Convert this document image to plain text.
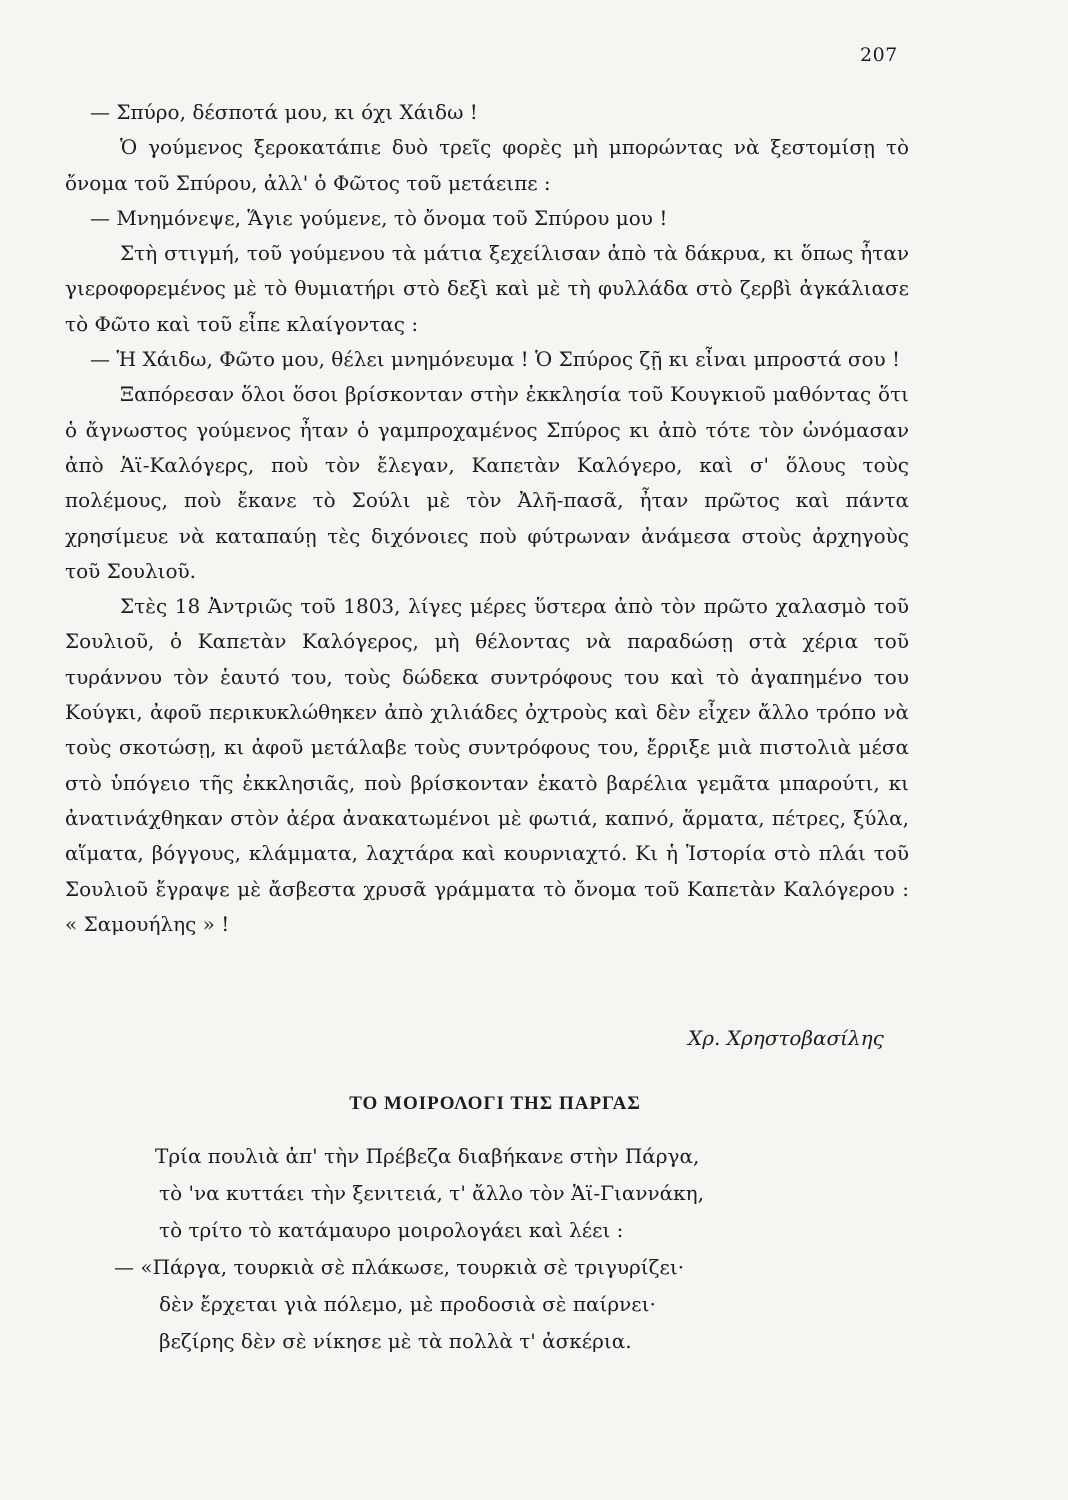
207

— Σπύρο, δέσποτά μου, κι όχι Χάιδω !

Ὁ γούμενος ξεροκατάπιε δυὸ τρεῖς φορὲς μὴ μπορώντας νὰ ξεστομίσῃ τὸ ὄνομα τοῦ Σπύρου, ἀλλ' ὁ Φῶτος τοῦ μετάειπε :

— Μνημόνεψε, Ἅγιε γούμενε, τὸ ὄνομα τοῦ Σπύρου μου !

Στὴ στιγμή, τοῦ γούμενου τὰ μάτια ξεχείλισαν ἀπὸ τὰ δάκρυα, κι ὅπως ἦταν γιεροφορεμένος μὲ τὸ θυμιατήρι στὸ δεξὶ καὶ μὲ τὴ φυλλάδα στὸ ζερβὶ ἀγκάλιασε τὸ Φῶτο καὶ τοῦ εἶπε κλαίγοντας :

— Ἡ Χάιδω, Φῶτο μου, θέλει μνημόνευμα ! Ὁ Σπύρος ζῇ κι εἶναι μπροστά σου !

Ξαπόρεσαν ὅλοι ὅσοι βρίσκονταν στὴν ἐκκλησία τοῦ Κουγκιοῦ μαθόντας ὅτι ὁ ἄγνωστος γούμενος ἦταν ὁ γαμπροχαμένος Σπύρος κι ἀπὸ τότε τὸν ὠνόμασαν ἀπὸ Ἁϊ-Καλόγερς, ποὺ τὸν ἔλεγαν, Καπετὰν Καλόγερο, καὶ σ' ὅλους τοὺς πολέμους, ποὺ ἔκανε τὸ Σούλι μὲ τὸν Ἀλῆ-πασᾶ, ἦταν πρῶτος καὶ πάντα χρησίμευε νὰ καταπαύῃ τὲς διχόνοιες ποὺ φύτρωναν ἀνάμεσα στοὺς ἀρχηγοὺς τοῦ Σουλιοῦ.

Στὲς 18 Ἀντριῶς τοῦ 1803, λίγες μέρες ὕστερα ἀπὸ τὸν πρῶτο χαλασμὸ τοῦ Σουλιοῦ, ὁ Καπετὰν Καλόγερος, μὴ θέλοντας νὰ παραδώσῃ στὰ χέρια τοῦ τυράννου τὸν ἑαυτό του, τοὺς δώδεκα συντρόφους του καὶ τὸ ἀγαπημένο του Κούγκι, ἀφοῦ περικυκλώθηκεν ἀπὸ χιλιάδες ὀχτροὺς καὶ δὲν εἶχεν ἄλλο τρόπο νὰ τοὺς σκοτώσῃ, κι ἀφοῦ μετάλαβε τοὺς συντρόφους του, ἔρριξε μιὰ πιστολιὰ μέσα στὸ ὑπόγειο τῆς ἐκκλησιᾶς, ποὺ βρίσκονταν ἑκατὸ βαρέλια γεμᾶτα μπαρούτι, κι ἀνατινάχθηκαν στὸν ἀέρα ἀνακατωμένοι μὲ φωτιά, καπνό, ἅρματα, πέτρες, ξύλα, αἵματα, βόγγους, κλάμματα, λαχτάρα καὶ κουρνιαχτό. Κι ἡ Ἱστορία στὸ πλάι τοῦ Σουλιοῦ ἔγραψε μὲ ἄσβεστα χρυσᾶ γράμματα τὸ ὄνομα τοῦ Καπετὰν Καλόγερου : « Σαμουήλης » !

Χρ. Χρηστοβασίλης
ΤΟ ΜΟΙΡΟΛΟΓΙ ΤΗΣ ΠΑΡΓΑΣ
Τρία πουλιὰ ἀπ' τὴν Πρέβεζα διαβήκανε στὴν Πάργα,
τὸ 'να κυττάει τὴν ξενιτειά, τ' ἄλλο τὸν Ἁϊ-Γιαννάκη,
τὸ τρίτο τὸ κατάμαυρο μοιρολογάει καὶ λέει :
— «Πάργα, τουρκιὰ σὲ πλάκωσε, τουρκιὰ σὲ τριγυρίζει·
δὲν ἔρχεται γιὰ πόλεμο, μὲ προδοσιὰ σὲ παίρνει·
βεζίρης δὲν σὲ νίκησε μὲ τὰ πολλὰ τ' ἀσκέρια.
